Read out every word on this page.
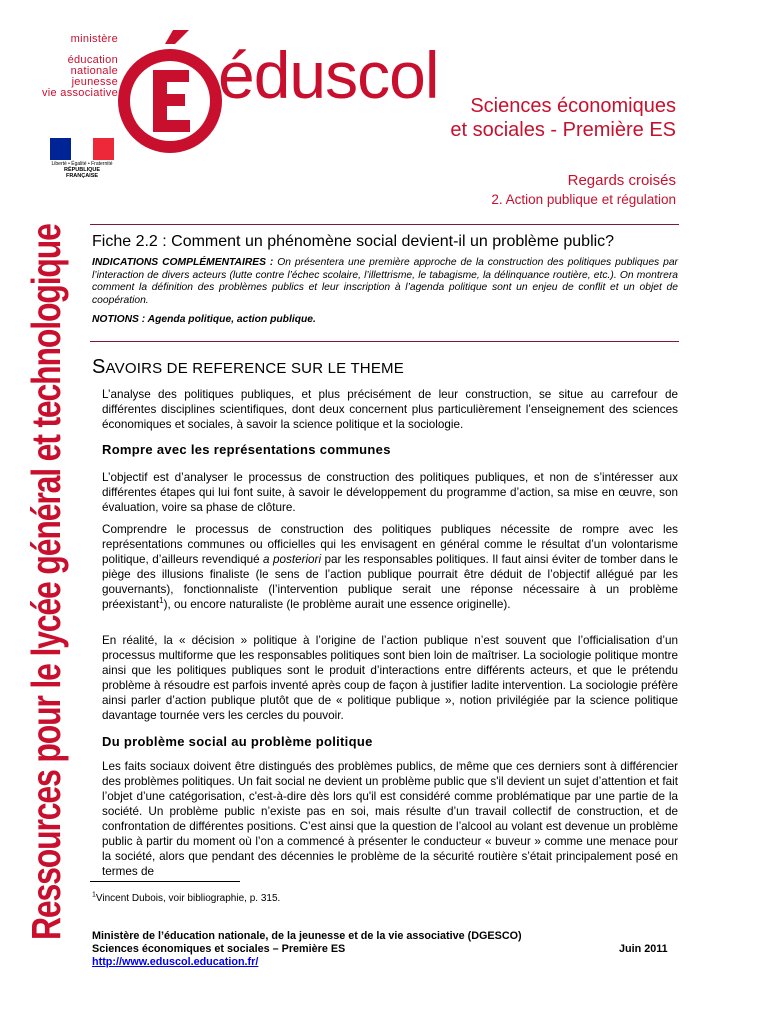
ministère
éducation
nationale
jeunesse
vie associative
Liberté • Égalité • Fraternité
RÉPUBLIQUE FRANÇAISE
éduscol	Sciences économiques
et sociales - Première ES
Regards croisés
2. Action publique et régulation
Ressources pour le lycée général et technologique Fiche 2.2 : Comment un phénomène social devient-il un problème public?
INDICATIONS COMPLÉMENTAIRES : On présentera une première approche de la construction des politiques publiques par l’interaction de divers acteurs (lutte contre l’échec scolaire, l’illettrisme, le tabagisme, la délinquance routière, etc.). On montrera comment la définition des problèmes publics et leur inscription à l’agenda politique sont un enjeu de conflit et un objet de coopération.
NOTIONS : Agenda politique, action publique.
SAVOIRS DE REFERENCE SUR LE THEME
L’analyse des politiques publiques, et plus précisément de leur construction, se situe au carrefour de différentes disciplines scientifiques, dont deux concernent plus particulièrement l’enseignement des sciences économiques et sociales, à savoir la science politique et la sociologie.
Rompre avec les représentations communes
L’objectif est d’analyser le processus de construction des politiques publiques, et non de s’intéresser aux différentes étapes qui lui font suite, à savoir le développement du programme d’action, sa mise en œuvre, son évaluation, voire sa phase de clôture.
Comprendre le processus de construction des politiques publiques nécessite de rompre avec les représentations communes ou officielles qui les envisagent en général comme le résultat d’un volontarisme politique, d’ailleurs revendiqué a posteriori par les responsables politiques. Il faut ainsi éviter de tomber dans le piège des illusions finaliste (le sens de l’action publique pourrait être déduit de l’objectif allégué par les gouvernants), fonctionnaliste (l’intervention publique serait une réponse nécessaire à un problème préexistant$^1$), ou encore naturaliste (le problème aurait une essence originelle).
En réalité, la « décision » politique à l’origine de l’action publique n’est souvent que l’officialisation d’un processus multiforme que les responsables politiques sont bien loin de maîtriser. La sociologie politique montre ainsi que les politiques publiques sont le produit d’interactions entre différents acteurs, et que le prétendu problème à résoudre est parfois inventé après coup de façon à justifier ladite intervention. La sociologie préfère ainsi parler d’action publique plutôt que de « politique publique », notion privilégiée par la science politique davantage tournée vers les cercles du pouvoir.
Du problème social au problème politique
Les faits sociaux doivent être distingués des problèmes publics, de même que ces derniers sont à différencier des problèmes politiques. Un fait social ne devient un problème public que s'il devient un sujet d’attention et fait l’objet d’une catégorisation, c'est-à-dire dès lors qu'il est considéré comme problématique par une partie de la société. Un problème public n’existe pas en soi, mais résulte d’un travail collectif de construction, et de confrontation de différentes positions. C’est ainsi que la question de l’alcool au volant est devenue un problème public à partir du moment où l’on a commencé à présenter le conducteur « buveur » comme une menace pour la société, alors que pendant des décennies le problème de la sécurité routière s’était principalement posé en termes de
$^1$Vincent Dubois, voir bibliographie, p. 315.
Ministère de l’éducation nationale, de la jeunesse et de la vie associative (DGESCO)
Sciences économiques et sociales – Première ES	Juin 2011
http://www.eduscol.education.fr/
